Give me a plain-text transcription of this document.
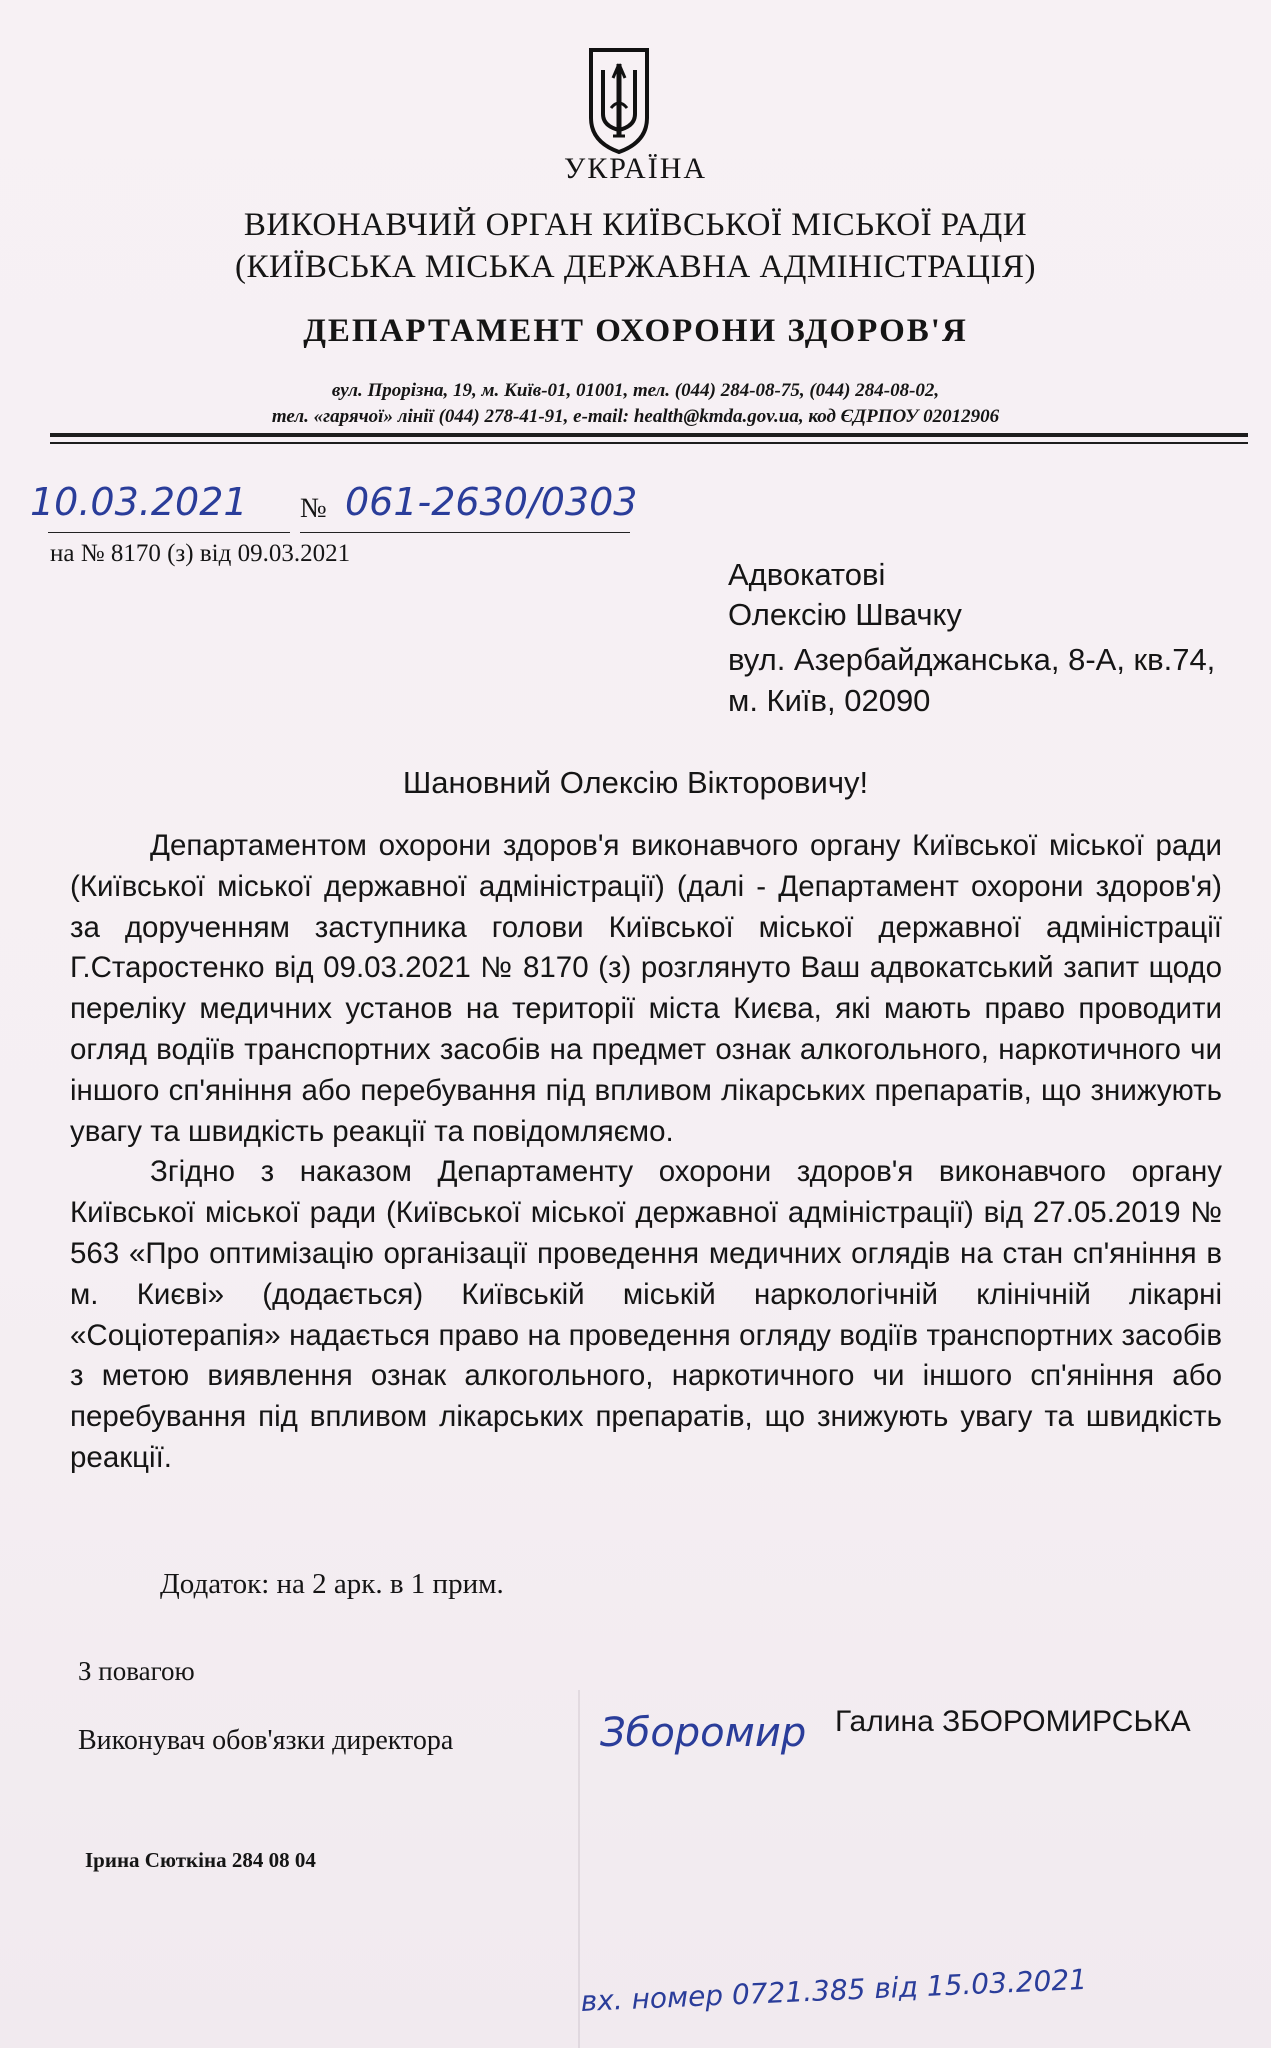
УКРАЇНА
ВИКОНАВЧИЙ ОРГАН КИЇВСЬКОЇ МІСЬКОЇ РАДИ
(КИЇВСЬКА МІСЬКА ДЕРЖАВНА АДМІНІСТРАЦІЯ)
ДЕПАРТАМЕНТ ОХОРОНИ ЗДОРОВ'Я
вул. Прорізна, 19, м. Київ-01, 01001, тел. (044) 284-08-75, (044) 284-08-02,
тел. «гарячої» лінії (044) 278-41-91, e-mail: health@kmda.gov.ua, код ЄДРПОУ 02012906
10.03.2021 № 061-2630/0303
на № 8170 (з) від 09.03.2021
Адвокатові
Олексію Швачку
вул. Азербайджанська, 8-А, кв.74,
м. Київ, 02090
Шановний Олексію Вікторовичу!

Департаментом охорони здоров'я виконавчого органу Київської міської ради (Київської міської державної адміністрації) (далі - Департамент охорони здоров'я) за дорученням заступника голови Київської міської державної адміністрації Г.Старостенко від 09.03.2021 № 8170 (з) розглянуто Ваш адвокатський запит щодо переліку медичних установ на території міста Києва, які мають право проводити огляд водіїв транспортних засобів на предмет ознак алкогольного, наркотичного чи іншого сп'яніння або перебування під впливом лікарських препаратів, що знижують увагу та швидкість реакції та повідомляємо.

Згідно з наказом Департаменту охорони здоров'я виконавчого органу Київської міської ради (Київської міської державної адміністрації) від 27.05.2019 № 563 «Про оптимізацію організації проведення медичних оглядів на стан сп'яніння в м. Києві» (додається) Київській міській наркологічній клінічній лікарні «Соціотерапія» надається право на проведення огляду водіїв транспортних засобів з метою виявлення ознак алкогольного, наркотичного чи іншого сп'яніння або перебування під впливом лікарських препаратів, що знижують увагу та швидкість реакції.

Додаток: на 2 арк. в 1 прим.
З повагою
Виконувач обов'язки директора	Зборомир Галина ЗБОРОМИРСЬКА
Ірина Сюткіна 284 08 04
вх. номер 0721.385 від 15.03.2021
